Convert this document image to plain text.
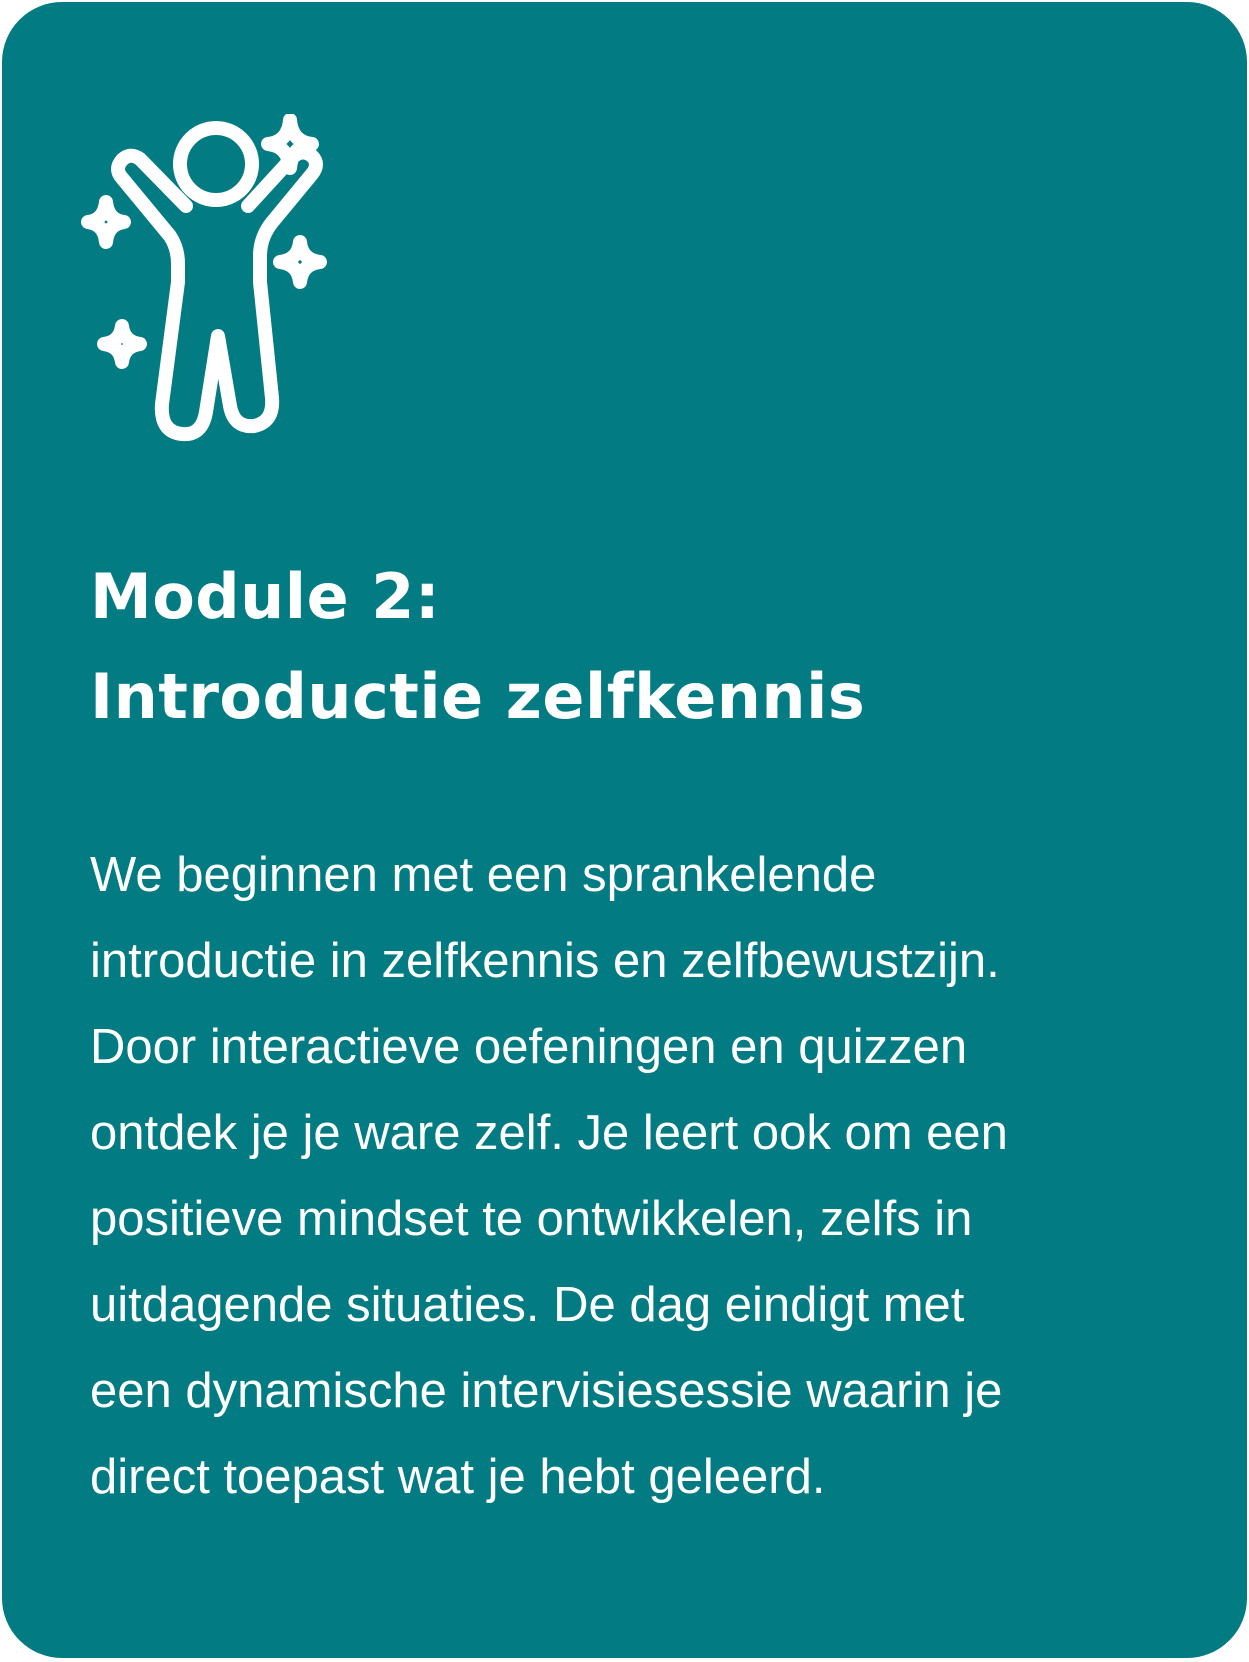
Module 2:
Introductie zelfkennis

We beginnen met een sprankelende
introductie in zelfkennis en zelfbewustzijn.
Door interactieve oefeningen en quizzen
ontdek je je ware zelf. Je leert ook om een
positieve mindset te ontwikkelen, zelfs in
uitdagende situaties. De dag eindigt met
een dynamische intervisiesessie waarin je
direct toepast wat je hebt geleerd.
